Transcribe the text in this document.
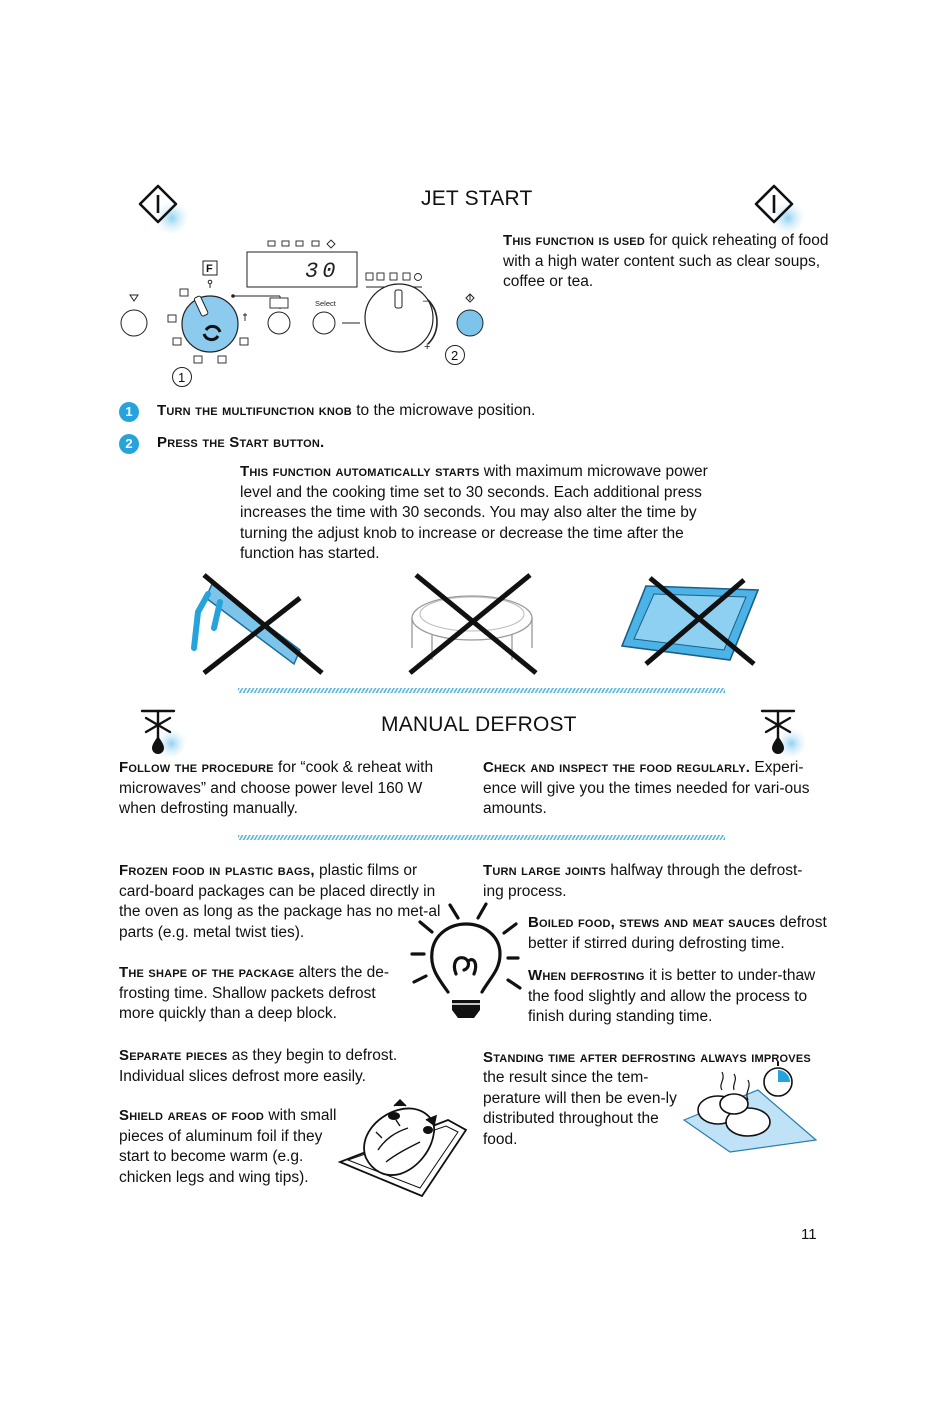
JET START
This function is used for quick reheating of food with a high water content such as clear soups, coffee or tea.
30
F
Select	–
+
1
2
1	Turn the multifunction knob to the microwave position.
2	Press the Start button.
This function automatically starts with maximum microwave power level and the cooking time set to 30 seconds. Each additional press increases the time with 30 seconds. You may also alter the time by turning the adjust knob to increase or decrease the time after the function has started.
MANUAL DEFROST
Follow the procedure for “cook & reheat with microwaves” and choose power level 160 W when defrosting manually.
Check and inspect the food regularly. Experi-ence will give you the times needed for vari-ous amounts.
Frozen food in plastic bags, plastic films or card-board packages can be placed directly in the oven as long as the package has no met-al parts (e.g. metal twist ties).
The shape of the package alters the de-frosting time. Shallow packets defrost more quickly than a deep block.
Separate pieces as they begin to defrost. Individual slices defrost more easily.
Shield areas of food with small pieces of aluminum foil if they start to become warm (e.g. chicken legs and wing tips).
Turn large joints halfway through the defrost- ing process.
Boiled food, stews and meat sauces defrost better if stirred during defrosting time.
When defrosting it is better to under-thaw the food slightly and allow the process to finish during standing time.
Standing time after defrosting always improves
the result since the tem-perature will then be even-ly distributed throughout the food.
11
